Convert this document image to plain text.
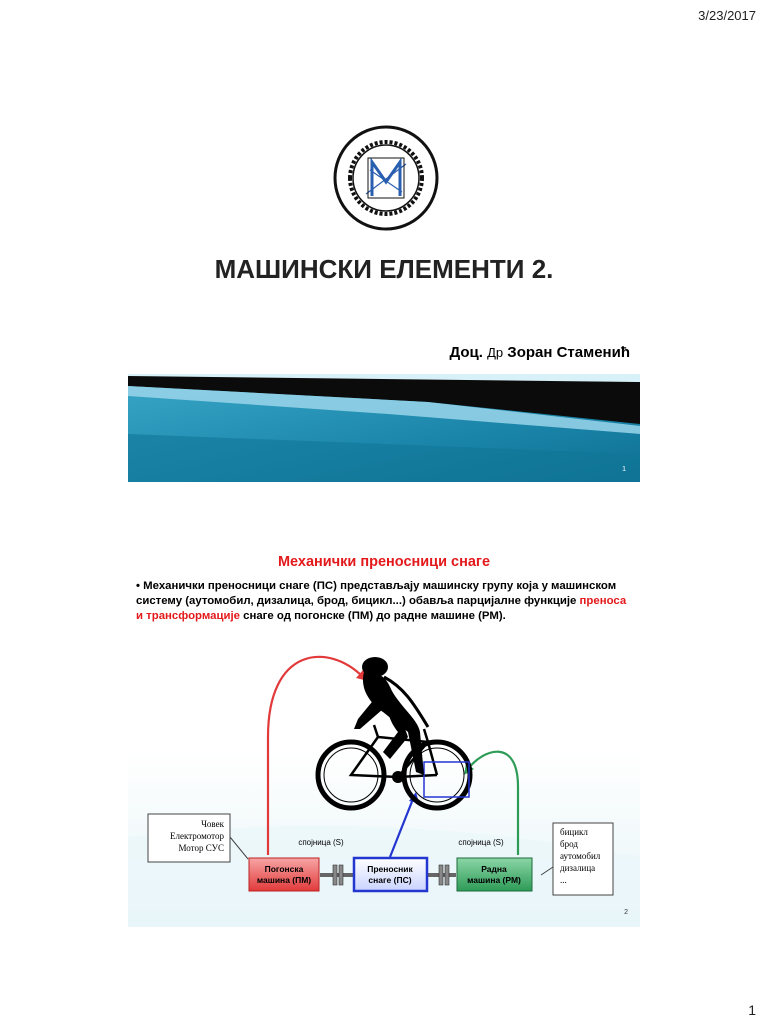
3/23/2017
МАШИНСКИ ЕЛЕМЕНТИ 2.
Доц. Др Зоран Стаменић
1
Механички преносници снаге
• Механички преносници снаге (ПС) представљају машинску групу која у машинском систему (аутомобил, дизалица, брод, бицикл...) обавља парцијалне функције преноса и трансформације снаге од погонске (ПМ) до радне машине (РМ).
Човек
Електромотор
Мотор СУС
бицикл
брод
аутомобил
дизалица
...
спојница (S)	спојница (S)
Погонска
машина (ПМ)
Преносник
снаге (ПС)
Радна
машина (РМ)
2
1
